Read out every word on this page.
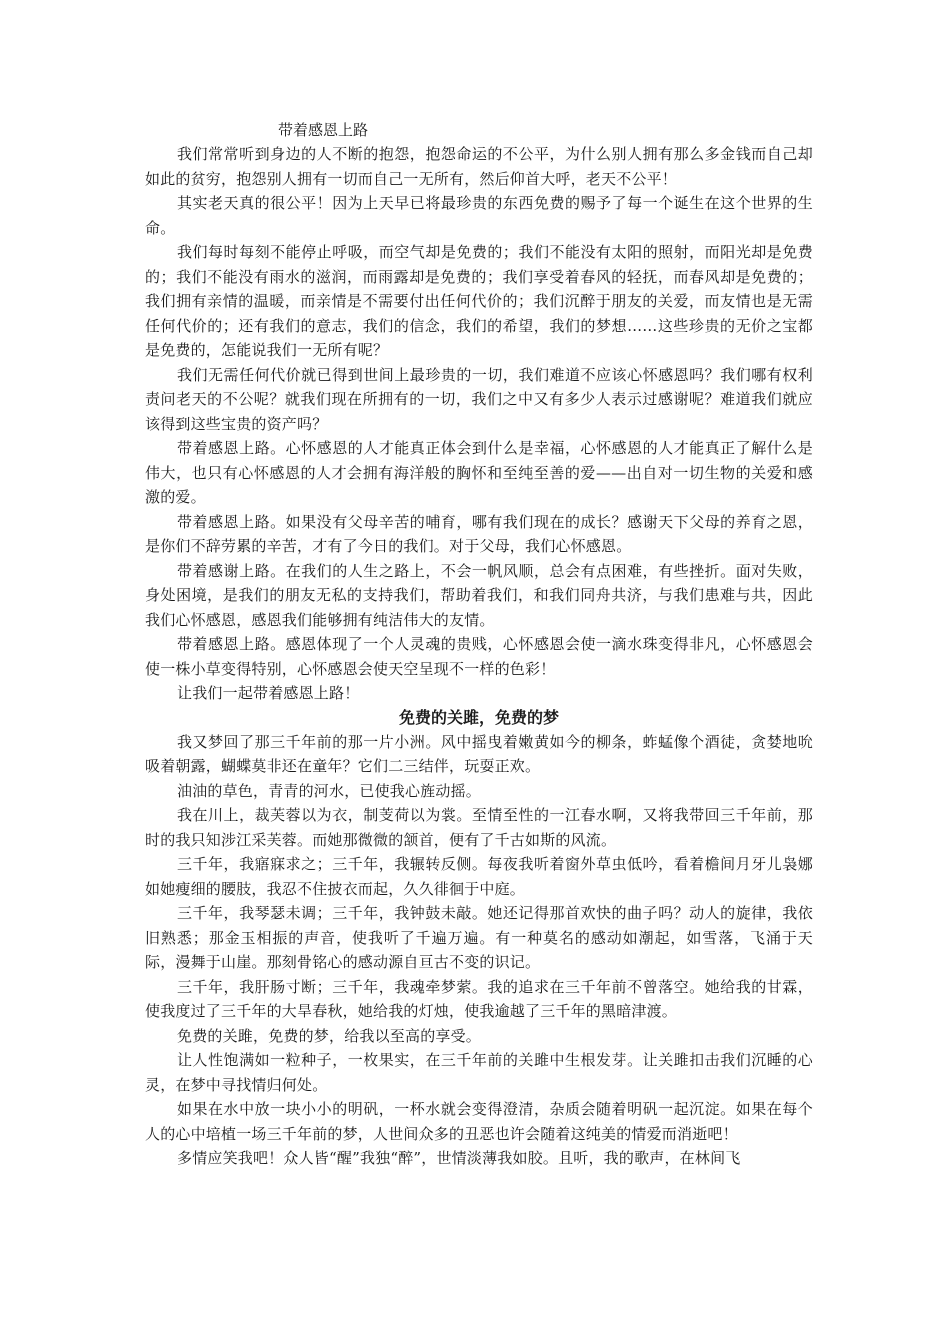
带着感恩上路

我们常常听到身边的人不断的抱怨，抱怨命运的不公平，为什么别人拥有那么多金钱而自己却如此的贫穷，抱怨别人拥有一切而自己一无所有，然后仰首大呼，老天不公平！

其实老天真的很公平！因为上天早已将最珍贵的东西免费的赐予了每一个诞生在这个世界的生命。

我们每时每刻不能停止呼吸，而空气却是免费的；我们不能没有太阳的照射，而阳光却是免费的；我们不能没有雨水的滋润，而雨露却是免费的；我们享受着春风的轻抚，而春风却是免费的；我们拥有亲情的温暖，而亲情是不需要付出任何代价的；我们沉醉于朋友的关爱，而友情也是无需任何代价的；还有我们的意志，我们的信念，我们的希望，我们的梦想……这些珍贵的无价之宝都是免费的，怎能说我们一无所有呢？

我们无需任何代价就已得到世间上最珍贵的一切，我们难道不应该心怀感恩吗？我们哪有权利责问老天的不公呢？就我们现在所拥有的一切，我们之中又有多少人表示过感谢呢？难道我们就应该得到这些宝贵的资产吗？

带着感恩上路。心怀感恩的人才能真正体会到什么是幸福，心怀感恩的人才能真正了解什么是伟大，也只有心怀感恩的人才会拥有海洋般的胸怀和至纯至善的爱——出自对一切生物的关爱和感激的爱。

带着感恩上路。如果没有父母辛苦的哺育，哪有我们现在的成长？感谢天下父母的养育之恩，是你们不辞劳累的辛苦，才有了今日的我们。对于父母，我们心怀感恩。

带着感谢上路。在我们的人生之路上，不会一帆风顺，总会有点困难，有些挫折。面对失败，身处困境，是我们的朋友无私的支持我们，帮助着我们，和我们同舟共济，与我们患难与共，因此我们心怀感恩，感恩我们能够拥有纯洁伟大的友情。

带着感恩上路。感恩体现了一个人灵魂的贵贱，心怀感恩会使一滴水珠变得非凡，心怀感恩会使一株小草变得特别，心怀感恩会使天空呈现不一样的色彩！

让我们一起带着感恩上路！

免费的关雎，免费的梦

我又梦回了那三千年前的那一片小洲。风中摇曳着嫩黄如今的柳条，蚱蜢像个酒徒，贪婪地吮吸着朝露，蝴蝶莫非还在童年？它们二三结伴，玩耍正欢。

油油的草色，青青的河水，已使我心旌动摇。

我在川上，裁芙蓉以为衣，制芰荷以为裳。至情至性的一江春水啊，又将我带回三千年前，那时的我只知涉江采芙蓉。而她那微微的颔首，便有了千古如斯的风流。

三千年，我寤寐求之；三千年，我辗转反侧。每夜我听着窗外草虫低吟，看着檐间月牙儿袅娜如她瘦细的腰肢，我忍不住披衣而起，久久徘徊于中庭。

三千年，我琴瑟未调；三千年，我钟鼓未敲。她还记得那首欢快的曲子吗？动人的旋律，我依旧熟悉；那金玉相振的声音，使我听了千遍万遍。有一种莫名的感动如潮起，如雪落，飞涌于天际，漫舞于山崖。那刻骨铭心的感动源自亘古不变的识记。

三千年，我肝肠寸断；三千年，我魂牵梦萦。我的追求在三千年前不曾落空。她给我的甘霖，使我度过了三千年的大旱春秋，她给我的灯烛，使我逾越了三千年的黑暗津渡。

免费的关雎，免费的梦，给我以至高的享受。

让人性饱满如一粒种子，一枚果实，在三千年前的关雎中生根发芽。让关雎扣击我们沉睡的心灵，在梦中寻找情归何处。

如果在水中放一块小小的明矾，一杯水就会变得澄清，杂质会随着明矾一起沉淀。如果在每个人的心中培植一场三千年前的梦，人世间众多的丑恶也许会随着这纯美的情爱而消逝吧！

多情应笑我吧！众人皆“醒”我独“醉”，世情淡薄我如胶。且听，我的歌声，在林间飞
